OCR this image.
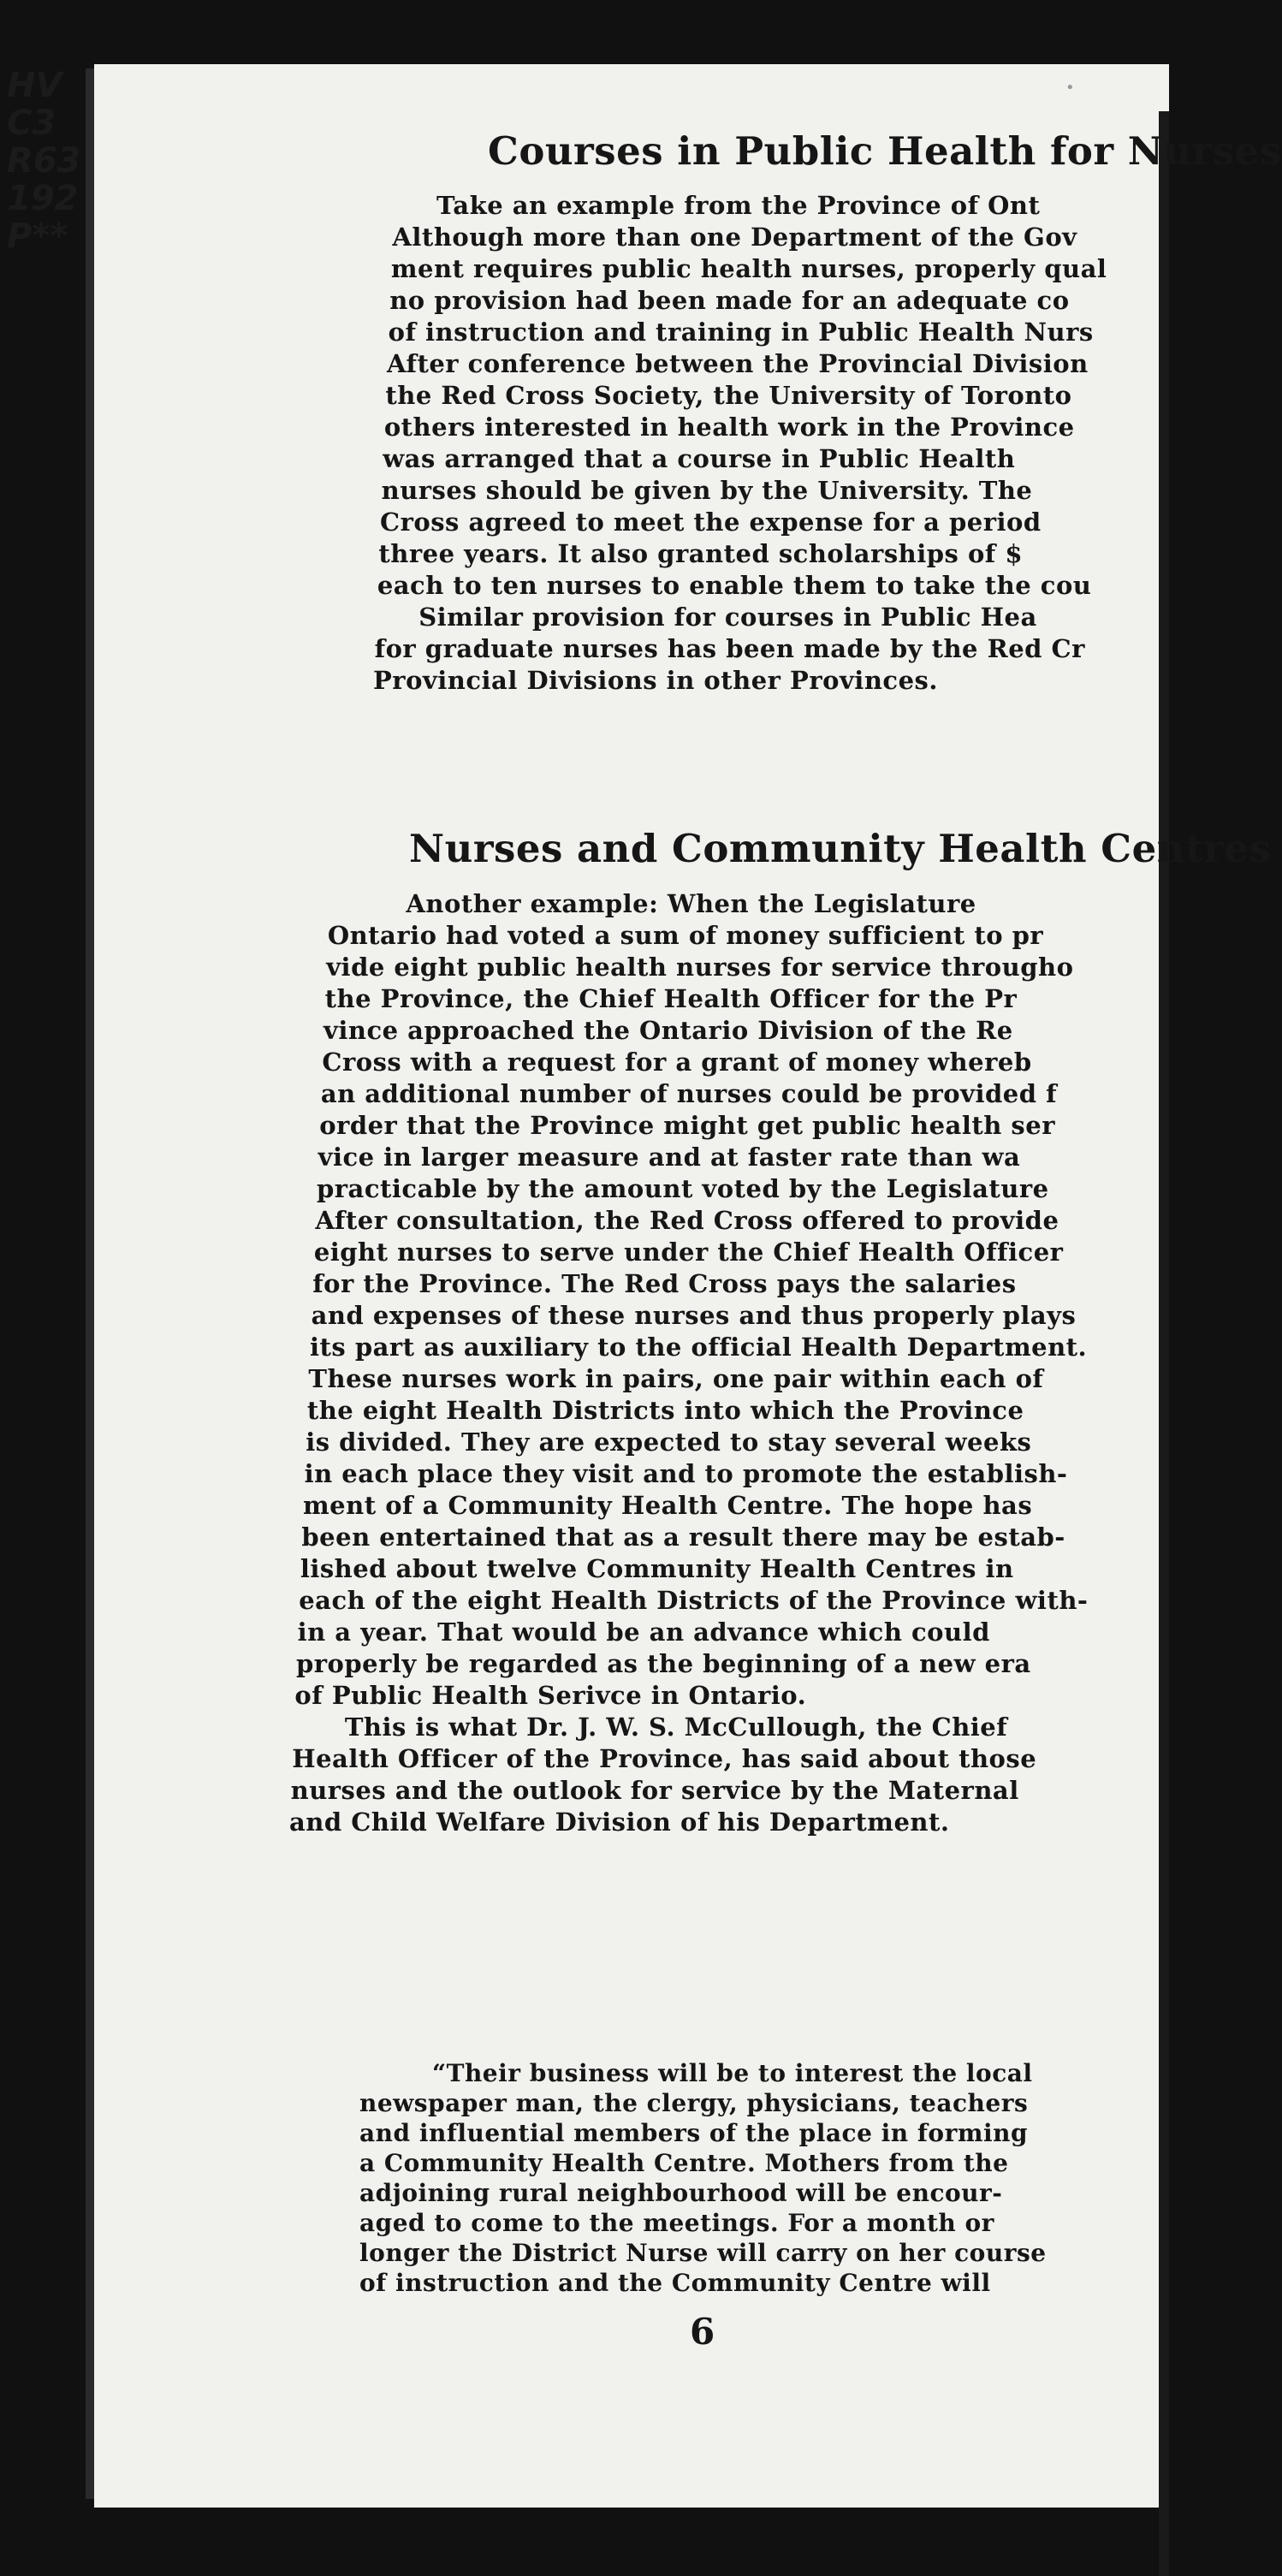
•
HV
C3
R63
192
P**
Courses in Public Health for Nurses
Take an example from the Province of Ont
Although more than one Department of the Gov
ment requires public health nurses, properly qual
no provision had been made for an adequate co
of instruction and training in Public Health Nurs
After conference between the Provincial Division
the Red Cross Society, the University of Toronto
others interested in health work in the Province
was arranged that a course in Public Health
nurses should be given by the University. The
Cross agreed to meet the expense for a period
three years. It also granted scholarships of $
each to ten nurses to enable them to take the cou
Similar provision for courses in Public Hea
for graduate nurses has been made by the Red Cr
Provincial Divisions in other Provinces.
Nurses and Community Health Centres
Another example: When the Legislature
Ontario had voted a sum of money sufficient to pr
vide eight public health nurses for service througho
the Province, the Chief Health Officer for the Pr
vince approached the Ontario Division of the Re
Cross with a request for a grant of money whereb
an additional number of nurses could be provided f
order that the Province might get public health ser
vice in larger measure and at faster rate than wa
practicable by the amount voted by the Legislature
After consultation, the Red Cross offered to provide
eight nurses to serve under the Chief Health Officer
for the Province. The Red Cross pays the salaries
and expenses of these nurses and thus properly plays
its part as auxiliary to the official Health Department.
These nurses work in pairs, one pair within each of
the eight Health Districts into which the Province
is divided. They are expected to stay several weeks
in each place they visit and to promote the establish-
ment of a Community Health Centre. The hope has
been entertained that as a result there may be estab-
lished about twelve Community Health Centres in
each of the eight Health Districts of the Province with-
in a year. That would be an advance which could
properly be regarded as the beginning of a new era
of Public Health Serivce in Ontario.
This is what Dr. J. W. S. McCullough, the Chief
Health Officer of the Province, has said about those
nurses and the outlook for service by the Maternal
and Child Welfare Division of his Department.
“Their business will be to interest the local
newspaper man, the clergy, physicians, teachers
and influential members of the place in forming
a Community Health Centre. Mothers from the
adjoining rural neighbourhood will be encour-
aged to come to the meetings. For a month or
longer the District Nurse will carry on her course
of instruction and the Community Centre will
6
